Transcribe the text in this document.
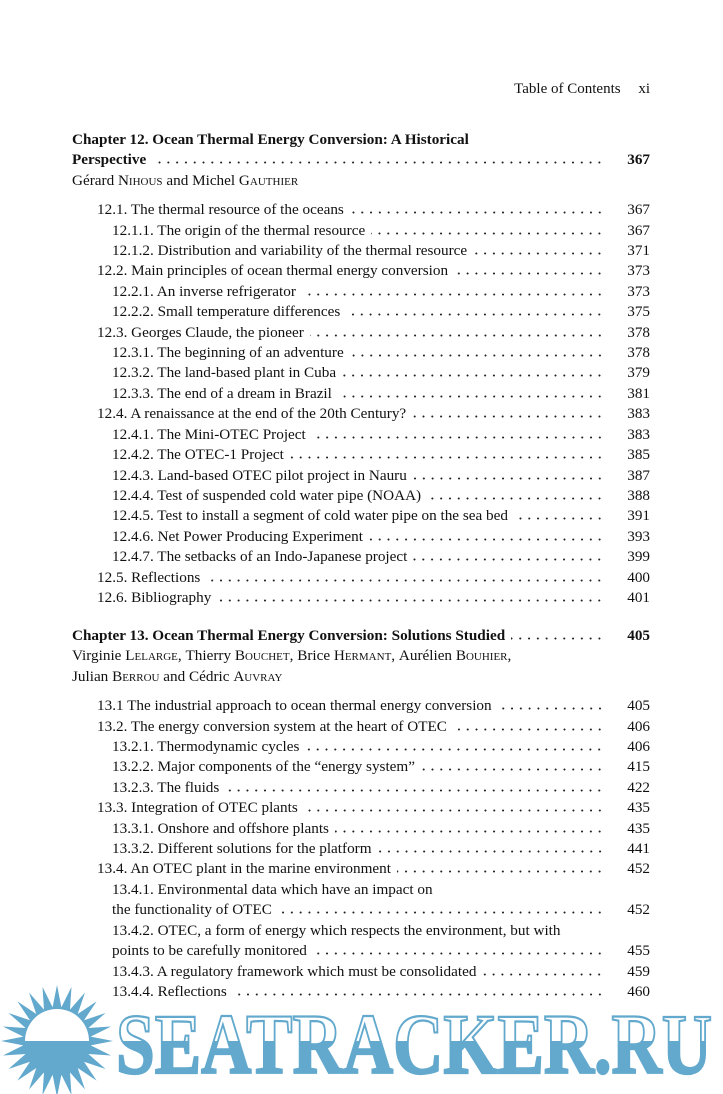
Table of Contents xi
Chapter 12. Ocean Thermal Energy Conversion: A Historical
Perspective	367
Gérard
Nihous and Michel
Gauthier
12.1. The thermal resource of the oceans	367
12.1.1. The origin of the thermal resource	367
12.1.2. Distribution and variability of the thermal resource	371
12.2. Main principles of ocean thermal energy conversion	373
12.2.1. An inverse refrigerator	373
12.2.2. Small temperature differences	375
12.3. Georges Claude, the pioneer	378
12.3.1. The beginning of an adventure	378
12.3.2. The land-based plant in Cuba	379
12.3.3. The end of a dream in Brazil	381
12.4. A renaissance at the end of the 20th Century?	383
12.4.1. The Mini-OTEC Project	383
12.4.2. The OTEC-1 Project	385
12.4.3. Land-based OTEC pilot project in Nauru	387
12.4.4. Test of suspended cold water pipe (NOAA)	388
12.4.5. Test to install a segment of cold water pipe on the sea bed	391
12.4.6. Net Power Producing Experiment	393
12.4.7. The setbacks of an Indo-Japanese project	399
12.5. Reflections	400
12.6. Bibliography	401
Chapter 13. Ocean Thermal Energy Conversion: Solutions Studied	405
Virginie
Lelarge , Thierry
Bouchet , Brice
Hermant , Aurélien
Bouhier ,
Julian
Berrou and Cédric
Auvray
13.1 The industrial approach to ocean thermal energy conversion	405
13.2. The energy conversion system at the heart of OTEC	406
13.2.1. Thermodynamic cycles	406
13.2.2. Major components of the “energy system”	415
13.2.3. The fluids	422
13.3. Integration of OTEC plants	435
13.3.1. Onshore and offshore plants	435
13.3.2. Different solutions for the platform	441
13.4. An OTEC plant in the marine environment	452
13.4.1. Environmental data which have an impact on
the functionality of OTEC	452
13.4.2. OTEC, a form of energy which respects the environment, but with
points to be carefully monitored	455
13.4.3. A regulatory framework which must be consolidated	459
13.4.4. Reflections	460
SEATRACKER.RU
